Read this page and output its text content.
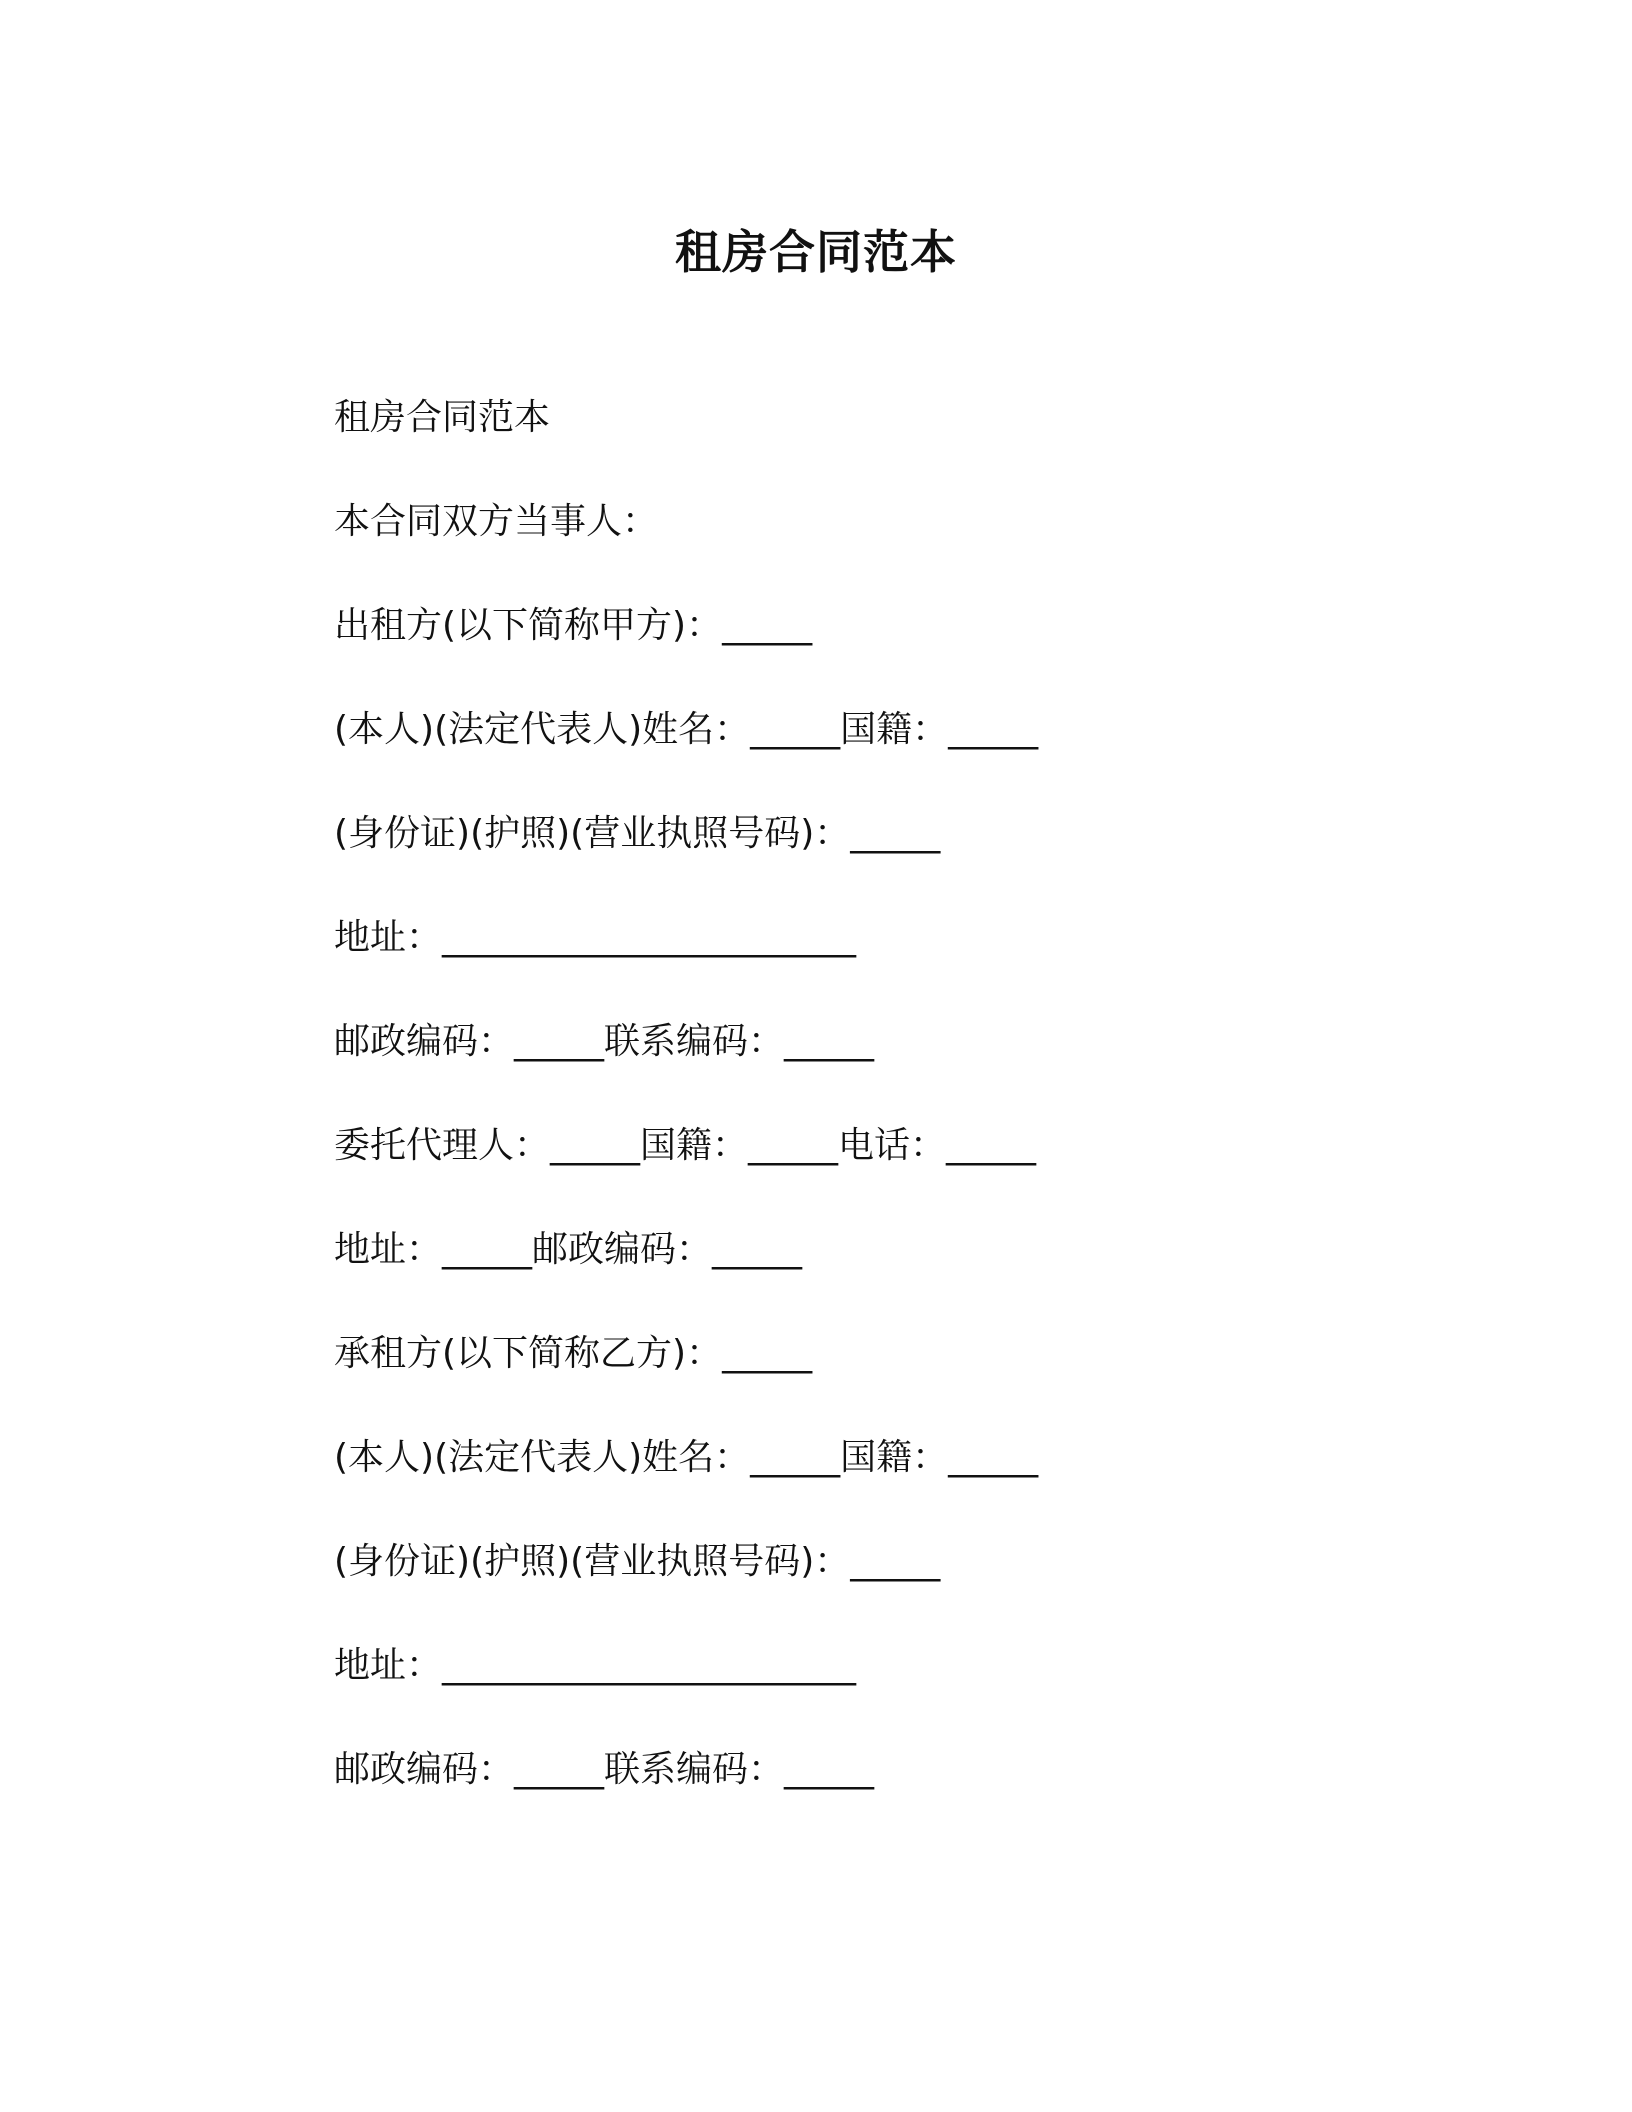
租房合同范本

租房合同范本

本合同双方当事人：

出租方(以下简称甲方)：_____

(本人)(法定代表人)姓名：_____国籍：_____

(身份证)(护照)(营业执照号码)：_____

地址：_______________________

邮政编码：_____联系编码：_____

委托代理人：_____国籍：_____电话：_____

地址：_____邮政编码：_____

承租方(以下简称乙方)：_____

(本人)(法定代表人)姓名：_____国籍：_____

(身份证)(护照)(营业执照号码)：_____

地址：_______________________

邮政编码：_____联系编码：_____
